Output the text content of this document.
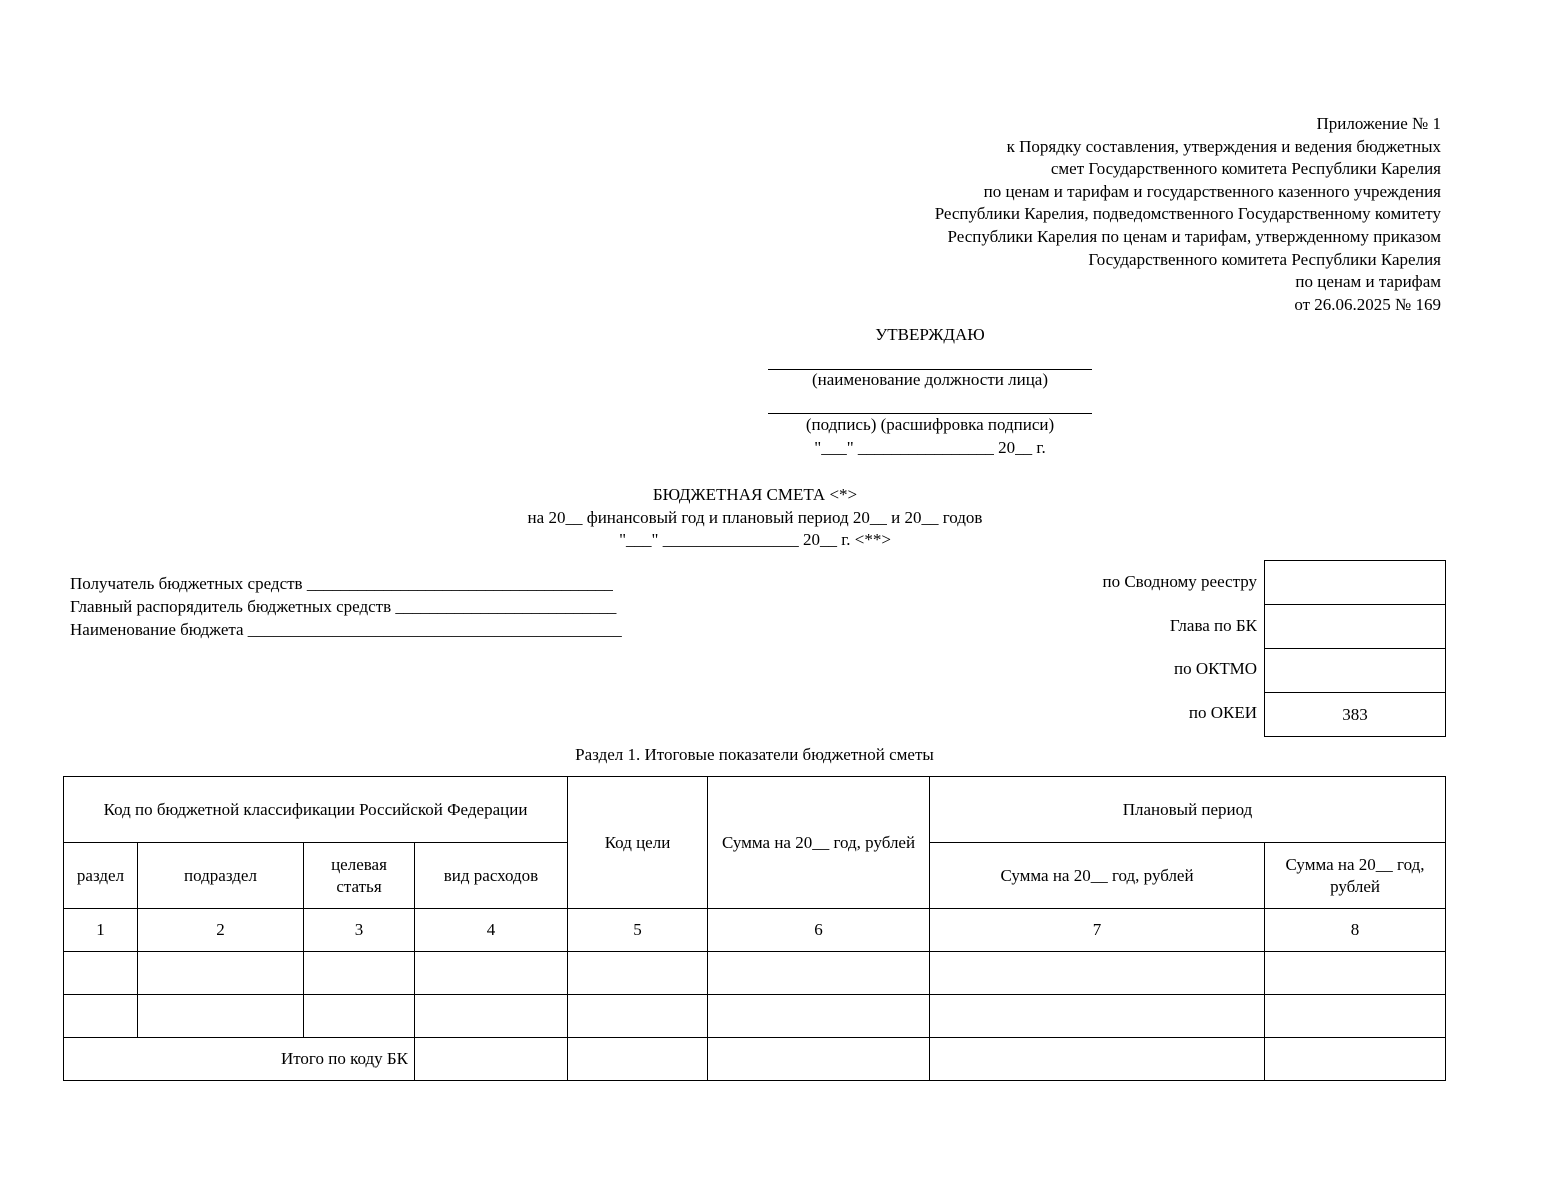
Приложение № 1
к Порядку составления, утверждения и ведения бюджетных
смет Государственного комитета Республики Карелия
по ценам и тарифам и государственного казенного учреждения
Республики Карелия, подведомственного Государственному комитету
Республики Карелия по ценам и тарифам, утвержденному приказом
Государственного комитета Республики Карелия
по ценам и тарифам
от 26.06.2025 № 169
УТВЕРЖДАЮ
(наименование должности лица)
(подпись) (расшифровка подписи)
"___" ________________ 20__ г.
БЮДЖЕТНАЯ СМЕТА <*>
на 20__ финансовый год и плановый период 20__ и 20__ годов
"___" ________________ 20__ г. <**>
Получатель бюджетных средств ____________________________________
Главный распорядитель бюджетных средств __________________________
Наименование бюджета ____________________________________________
по Сводному реестру
Глава по БК
по ОКТМО
по ОКЕИ	383
Раздел 1. Итоговые показатели бюджетной сметы
Код по бюджетной классификации Российской Федерации				Код цели	Сумма на 20__ год, рублей	Плановый период	
раздел	подраздел	целевая статья	вид расходов			Сумма на 20__ год, рублей	Сумма на 20__ год, рублей
1	2	3	4	5	6	7	8

Итого по коду БК							
